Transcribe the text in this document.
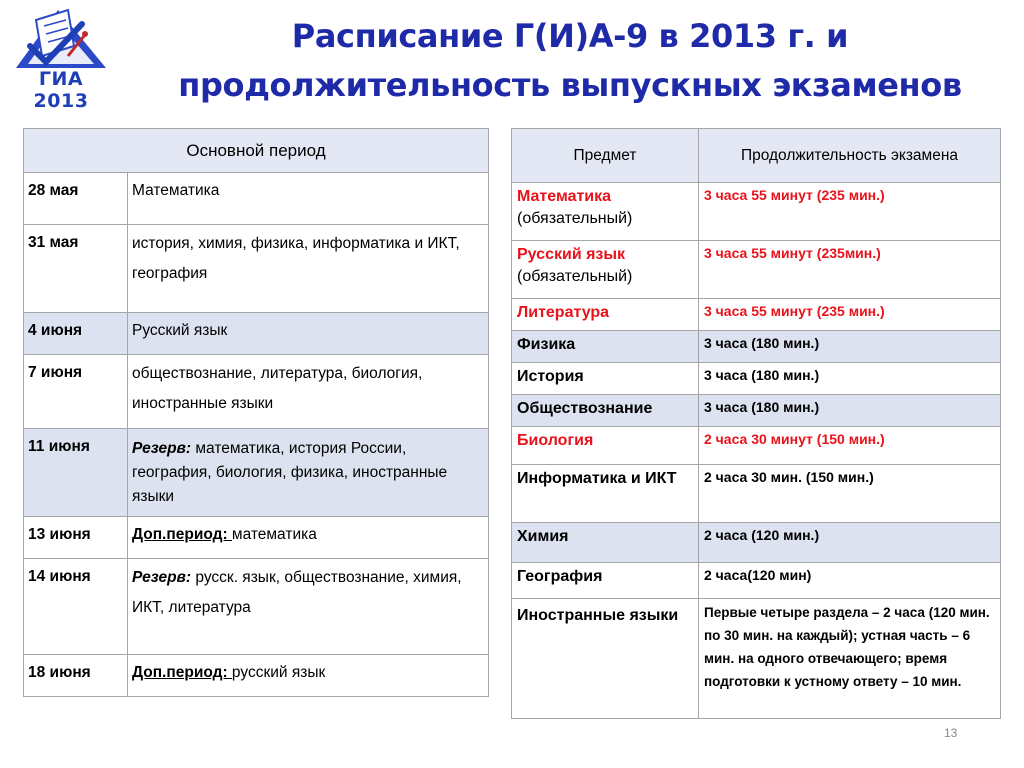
ГИА 2013
Расписание Г(И)А-9 в 2013 г. и
продолжительность выпускных экзаменов
Основной период	
28 мая	Математика
31 мая	история, химия, физика, информатика и ИКТ, география
4 июня	Русский язык
7 июня	обществознание, литература, биология, иностранные языки
11 июня	Резерв: математика, история России, география, биология, физика, иностранные языки
13 июня	Доп.период: математика
14 июня	Резерв: русск. язык, обществознание, химия, ИКТ, литература
18 июня	Доп.период: русский язык
Предмет	Продолжительность экзамена
Математика
(обязательный)	3 часа 55 минут (235 мин.)
Русский язык
(обязательный)	3 часа 55 минут (235мин.)
Литература	3 часа 55 минут (235 мин.)
Физика	3 часа (180 мин.)
История	3 часа (180 мин.)
Обществознание	3 часа (180 мин.)
Биология	2 часа 30 минут (150 мин.)
Информатика и ИКТ	2 часа 30 мин. (150 мин.)
Химия	2 часа (120 мин.)
География	2 часа(120 мин)
Иностранные языки	Первые четыре раздела – 2 часа (120 мин. по 30 мин. на каждый); устная часть – 6 мин. на одного отвечающего; время подготовки к устному ответу – 10 мин.
13
